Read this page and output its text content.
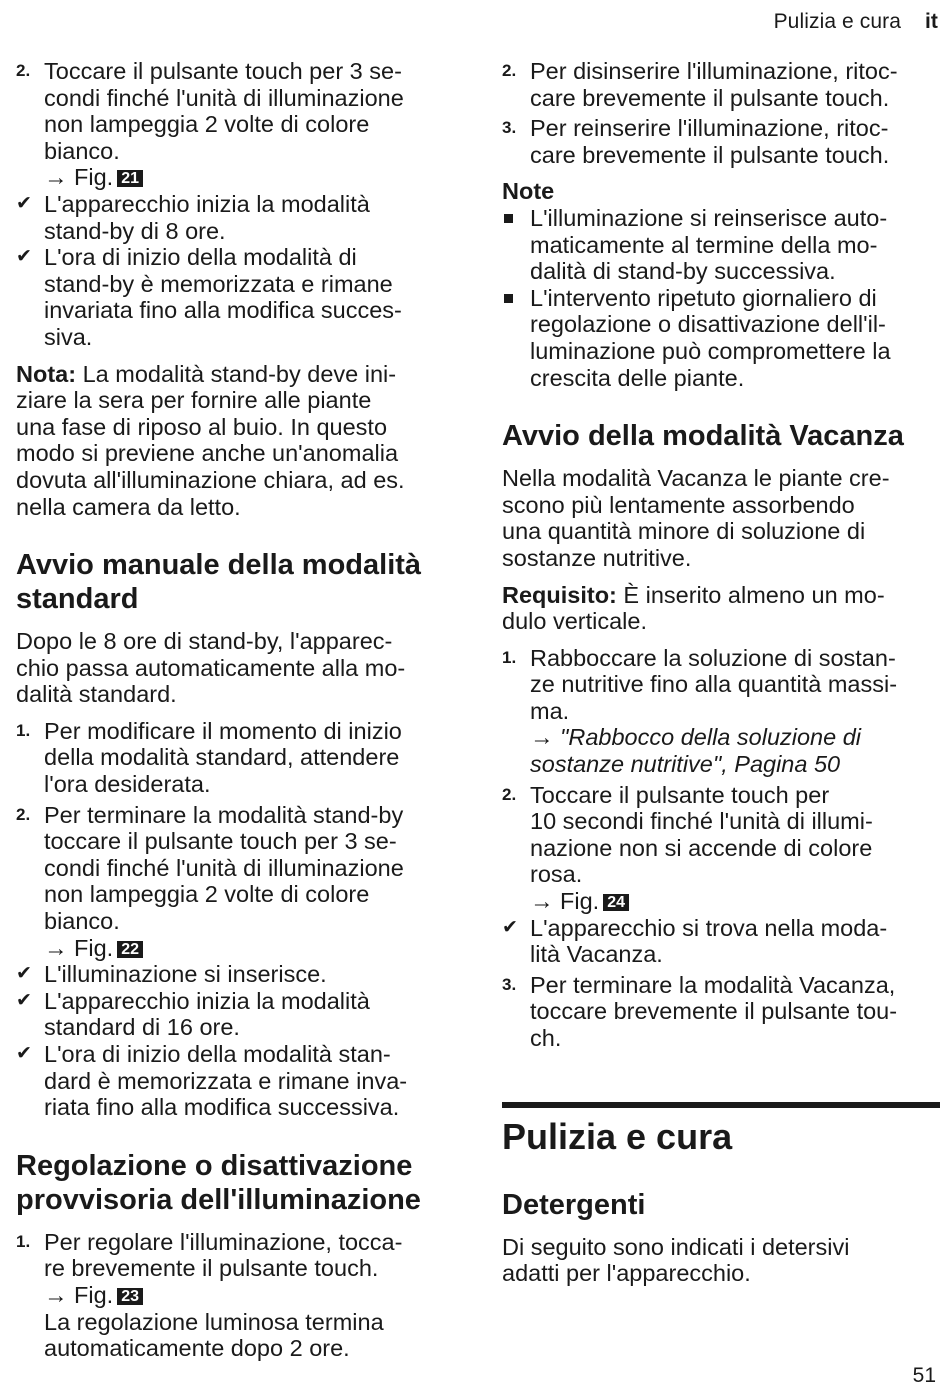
Pulizia e cura it
2. Toccare il pulsante touch per 3 se-
condi finché l'unità di illuminazione
non lampeggia 2 volte di colore
bianco.
→ Fig. 21
✔ L'apparecchio inizia la modalità
stand-by di 8 ore.
✔ L'ora di inizio della modalità di
stand-by è memorizzata e rimane
invariata fino alla modifica succes-
siva.

Nota: La modalità stand-by deve ini-
ziare la sera per fornire alle piante
una fase di riposo al buio. In questo
modo si previene anche un'anomalia
dovuta all'illuminazione chiara, ad es.
nella camera da letto.

Avvio manuale della modalità
standard

Dopo le 8 ore di stand-by, l'apparec-
chio passa automaticamente alla mo-
dalità standard.

1. Per modificare il momento di inizio
della modalità standard, attendere
l'ora desiderata.
2. Per terminare la modalità stand-by
toccare il pulsante touch per 3 se-
condi finché l'unità di illuminazione
non lampeggia 2 volte di colore
bianco.
→ Fig. 22
✔ L'illuminazione si inserisce.
✔ L'apparecchio inizia la modalità
standard di 16 ore.
✔ L'ora di inizio della modalità stan-
dard è memorizzata e rimane inva-
riata fino alla modifica successiva.
Regolazione o disattivazione
provvisoria dell'illuminazione
1. Per regolare l'illuminazione, tocca-
re brevemente il pulsante touch.
→ Fig. 23
La regolazione luminosa termina
automaticamente dopo 2 ore.
2. Per disinserire l'illuminazione, ritoc-
care brevemente il pulsante touch.
3. Per reinserire l'illuminazione, ritoc-
care brevemente il pulsante touch.
Note
L'illuminazione si reinserisce auto-
maticamente al termine della mo-
dalità di stand-by successiva.
L'intervento ripetuto giornaliero di
regolazione o disattivazione dell'il-
luminazione può compromettere la
crescita delle piante.
Avvio della modalità Vacanza

Nella modalità Vacanza le piante cre-
scono più lentamente assorbendo
una quantità minore di soluzione di
sostanze nutritive.

Requisito: È inserito almeno un mo-
dulo verticale.

1. Rabboccare la soluzione di sostan-
ze nutritive fino alla quantità massi-
ma.
→ "Rabbocco della soluzione di
sostanze nutritive", Pagina 50
2. Toccare il pulsante touch per
10 secondi finché l'unità di illumi-
nazione non si accende di colore
rosa.
→ Fig. 24
✔ L'apparecchio si trova nella moda-
lità Vacanza.
3. Per terminare la modalità Vacanza,
toccare brevemente il pulsante tou-
ch.
Pulizia e cura
Detergenti

Di seguito sono indicati i detersivi
adatti per l'apparecchio.

51
